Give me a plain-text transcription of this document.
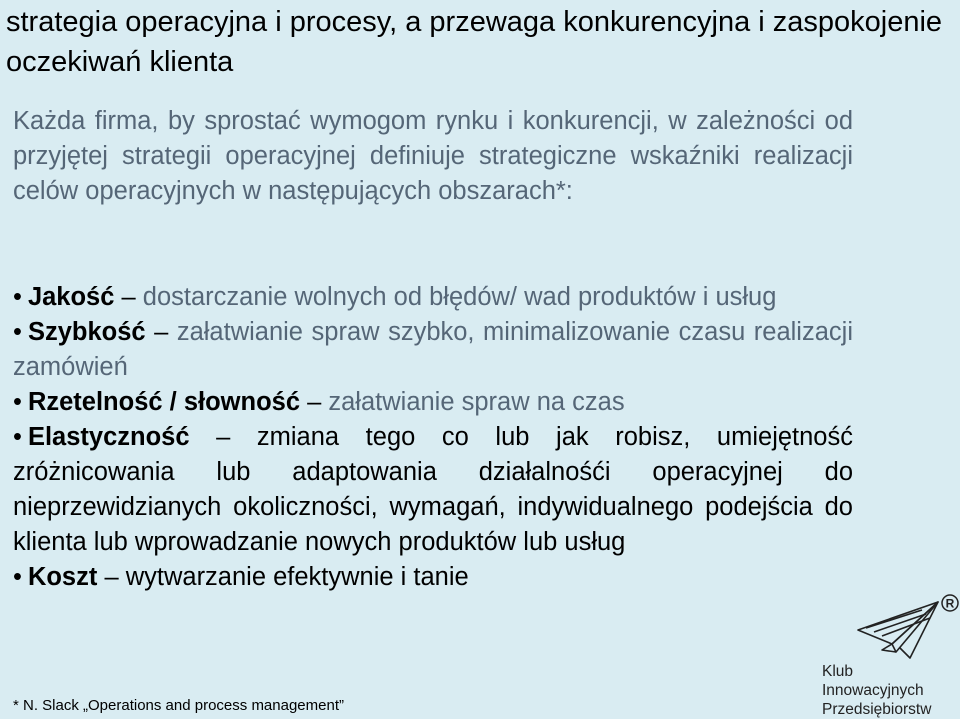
strategia operacyjna i procesy, a przewaga konkurencyjna i zaspokojenie oczekiwań klienta
Każda firma, by sprostać wymogom rynku i konkurencji, w zależności od przyjętej strategii operacyjnej definiuje strategiczne wskaźniki realizacji celów operacyjnych w następujących obszarach*:
• Jakość – dostarczanie wolnych od błędów/ wad produktów i usług
• Szybkość – załatwianie spraw szybko, minimalizowanie czasu realizacji zamówień
• Rzetelność / słowność – załatwianie spraw na czas
• Elastyczność – zmiana tego co lub jak robisz, umiejętność zróżnicowania lub adaptowania działalnośći operacyjnej do nieprzewidzianych okoliczności, wymagań, indywidualnego podejścia do klienta lub wprowadzanie nowych produktów lub usług
• Koszt – wytwarzanie efektywnie i tanie
* N. Slack „Operations and process management”
R
Klub
Innowacyjnych
Przedsiębiorstw
